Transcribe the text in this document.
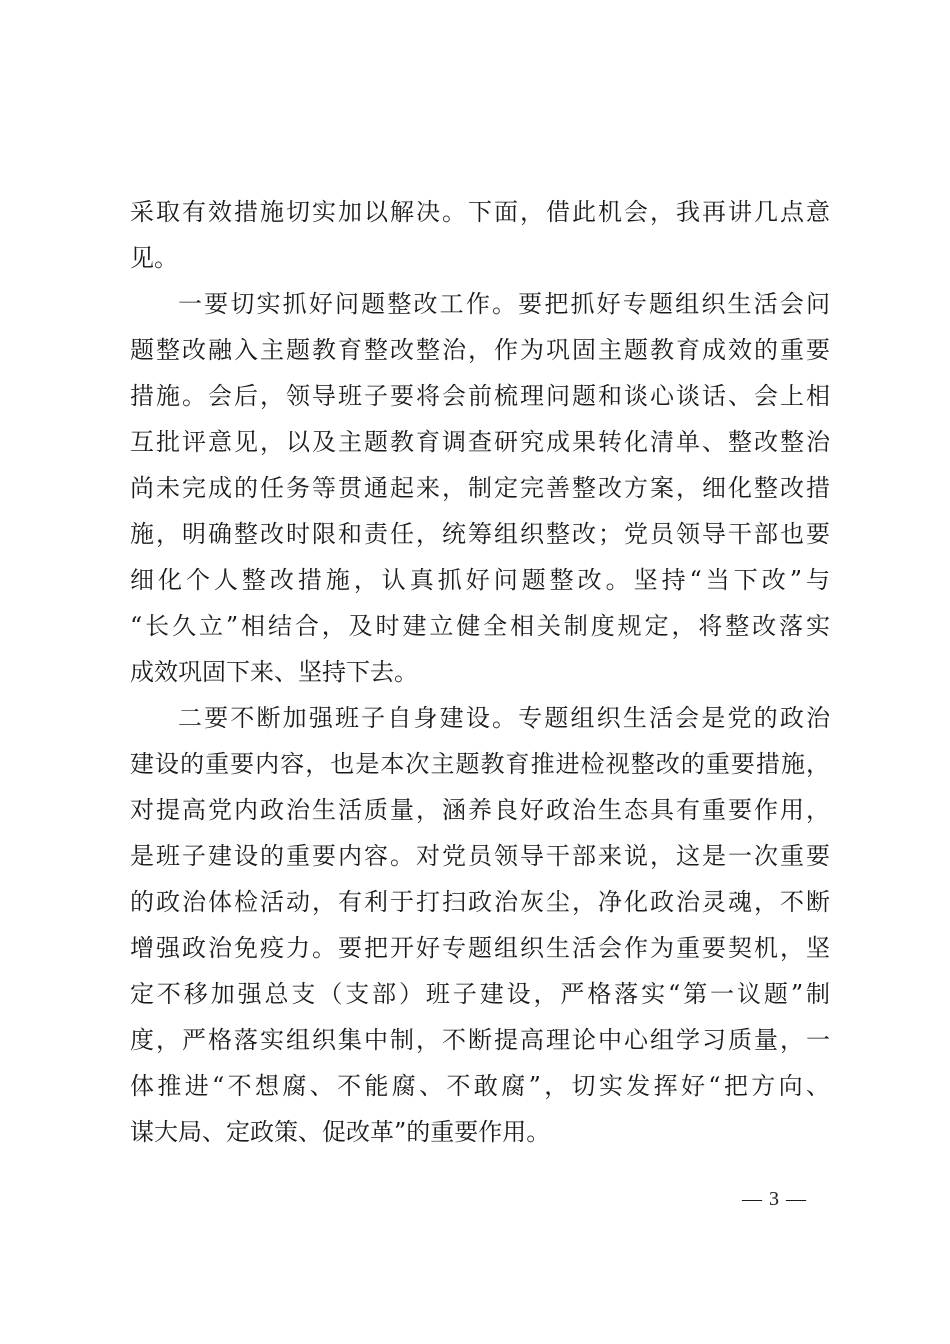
采取有效措施切实加以解决。下面，借此机会，我再讲几点意
见。
一要切实抓好问题整改工作。要把抓好专题组织生活会问
题整改融入主题教育整改整治，作为巩固主题教育成效的重要
措施。会后，领导班子要将会前梳理问题和谈心谈话、会上相
互批评意见，以及主题教育调查研究成果转化清单、整改整治
尚未完成的任务等贯通起来，制定完善整改方案，细化整改措
施，明确整改时限和责任，统筹组织整改；党员领导干部也要
细化个人整改措施，认真抓好问题整改。坚持“当下改”与
“长久立”相结合，及时建立健全相关制度规定，将整改落实
成效巩固下来、坚持下去。
二要不断加强班子自身建设。专题组织生活会是党的政治
建设的重要内容，也是本次主题教育推进检视整改的重要措施，
对提高党内政治生活质量，涵养良好政治生态具有重要作用，
是班子建设的重要内容。对党员领导干部来说，这是一次重要
的政治体检活动，有利于打扫政治灰尘，净化政治灵魂，不断
增强政治免疫力。要把开好专题组织生活会作为重要契机，坚
定不移加强总支（支部）班子建设，严格落实“第一议题”制
度，严格落实组织集中制，不断提高理论中心组学习质量，一
体推进“不想腐、不能腐、不敢腐”，切实发挥好“把方向、
谋大局、定政策、促改革”的重要作用。
— 3 —
